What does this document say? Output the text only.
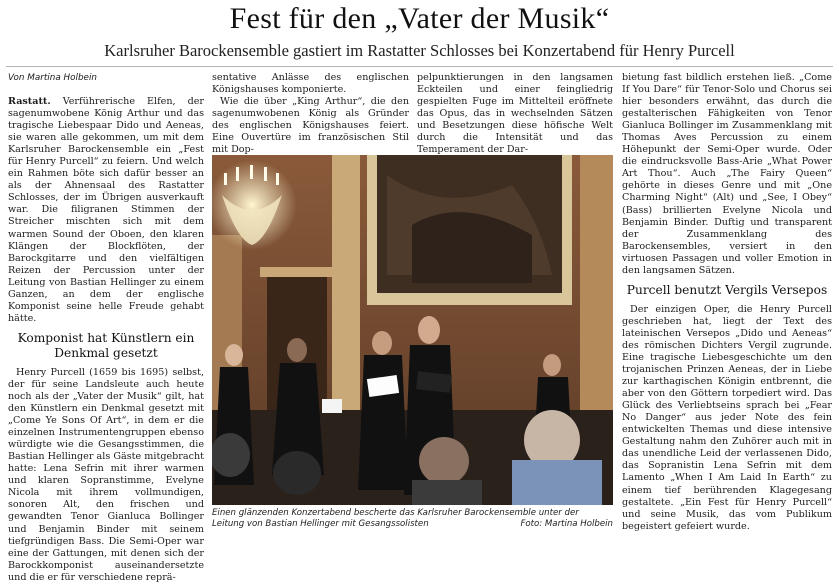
Fest für den „Vater der Musik“
Karlsruher Barockensemble gastiert im Rastatter Schlosses bei Konzertabend für Henry Purcell
Von Martina Holbein

Rastatt. Verführerische Elfen, der sagenumwobene König Arthur und das tragische Liebespaar Dido und Aeneas, sie waren alle gekommen, um mit dem Karlsruher Barockensemble ein „Fest für Henry Purcell“ zu feiern. Und welch ein Rahmen böte sich dafür besser an als der Ahnensaal des Rastatter Schlosses, der im Übrigen ausverkauft war. Die filigranen Stimmen der Streicher mischten sich mit dem warmen Sound der Oboen, den klaren Klängen der Blockflöten, der Barockgitarre und den vielfältigen Reizen der Percussion unter der Leitung von Bastian Hellinger zu einem Ganzen, an dem der englische Komponist seine helle Freude gehabt hätte.

Komponist hat Künstlern ein Denkmal gesetzt

Henry Purcell (1659 bis 1695) selbst, der für seine Landsleute auch heute noch als der „Vater der Musik“ gilt, hat den Künstlern ein Denkmal gesetzt mit „Come Ye Sons Of Art“, in dem er die einzelnen Instrumentengruppen ebenso würdigte wie die Gesangsstimmen, die Bastian Hellinger als Gäste mitgebracht hatte: Lena Sefrin mit ihrer warmen und klaren Sopranstimme, Evelyne Nicola mit ihrem vollmundigen, sonoren Alt, den frischen und gewandten Tenor Gianluca Bollinger und Benjamin Binder mit seinem tiefgründigen Bass. Die Semi-Oper war eine der Gattungen, mit denen sich der Barockkomponist auseinandersetzte und die er für verschiedene reprä-

sentative Anlässe des englischen Königshauses komponierte.

Wie die über „King Arthur“, die den sagenumwobenen König als Gründer des englischen Königshauses feiert. Eine Ouvertüre im französischen Stil mit Dop-

pelpunktierungen in den langsamen Eckteilen und einer feingliedrig gespielten Fuge im Mittelteil eröffnete das Opus, das in wechselnden Sätzen und Besetzungen diese höfische Welt durch die Intensität und das Temperament der Dar-

bietung fast bildlich erstehen ließ. „Come If You Dare“ für Tenor-Solo und Chorus sei hier besonders erwähnt, das durch die gestalterischen Fähigkeiten von Tenor Gianluca Bollinger im Zusammenklang mit Thomas Aves Percussion zu einem Höhepunkt der Semi-Oper wurde. Oder die eindrucksvolle Bass-Arie „What Power Art Thou“. Auch „The Fairy Queen“ gehörte in dieses Genre und mit „One Charming Night“ (Alt) und „See, I Obey“ (Bass) brillierten Evelyne Nicola und Benjamin Binder. Duftig und transparent der Zusammenklang des Barockensembles, versiert in den virtuosen Passagen und voller Emotion in den langsamen Sätzen.

Purcell benutzt Vergils Versepos

Der einzigen Oper, die Henry Purcell geschrieben hat, liegt der Text des lateinischen Versepos „Dido und Aeneas“ des römischen Dichters Vergil zugrunde. Eine tragische Liebesgeschichte um den trojanischen Prinzen Aeneas, der in Liebe zur karthagischen Königin entbrennt, die aber von den Göttern torpediert wird. Das Glück des Verliebtseins sprach bei „Fear No Danger“ aus jeder Note des fein entwickelten Themas und diese intensive Gestaltung nahm den Zuhörer auch mit in das unendliche Leid der verlassenen Dido, das Sopranistin Lena Sefrin mit dem Lamento „When I Am Laid In Earth“ zu einem tief berührenden Klagegesang gestaltete. „Ein Fest für Henry Purcell“ und seine Musik, das vom Publikum begeistert gefeiert wurde.

Einen glänzenden Konzertabend bescherte das Karlsruher Barockensemble unter der Leitung von Bastian Hellinger mit Gesangssolisten	Foto: Martina Holbein
